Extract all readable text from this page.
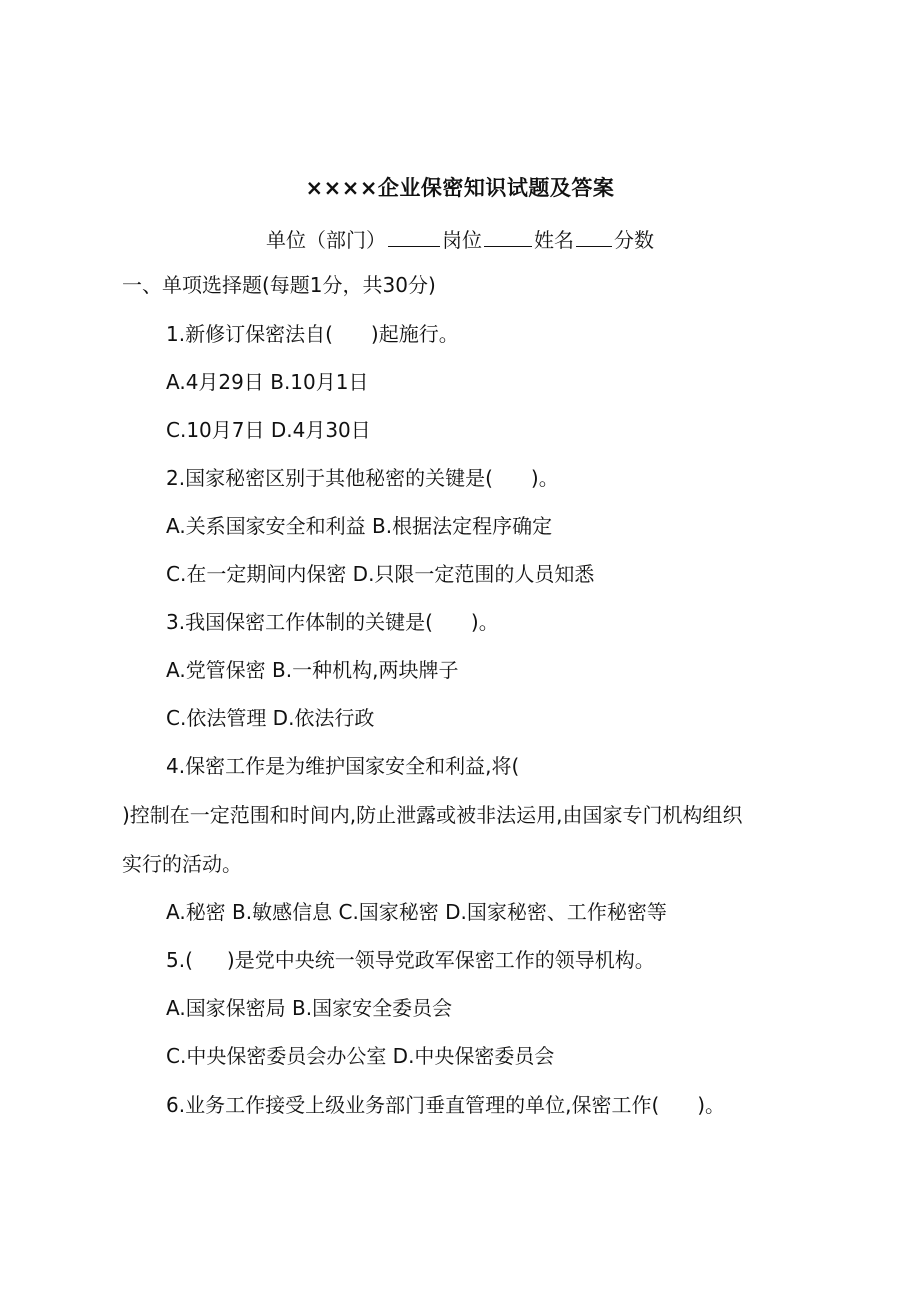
××××企业保密知识试题及答案
单位（部门）	岗位	姓名 分数
一、单项选择题(每题1分，共30分)
1.新修订保密法自( )起施行。
A.4月29日 B.10月1日
C.10月7日 D.4月30日
2.国家秘密区别于其他秘密的关键是( )。
A.关系国家安全和利益 B.根据法定程序确定
C.在一定期间内保密 D.只限一定范围的人员知悉
3.我国保密工作体制的关键是( )。
A.党管保密 B.一种机构,两块牌子
C.依法管理 D.依法行政
4.保密工作是为维护国家安全和利益,将(
)控制在一定范围和时间内,防止泄露或被非法运用,由国家专门机构组织
实行的活动。
A.秘密 B.敏感信息 C.国家秘密 D.国家秘密、工作秘密等
5.( )是党中央统一领导党政军保密工作的领导机构。
A.国家保密局 B.国家安全委员会
C.中央保密委员会办公室 D.中央保密委员会
6.业务工作接受上级业务部门垂直管理的单位,保密工作( )。
